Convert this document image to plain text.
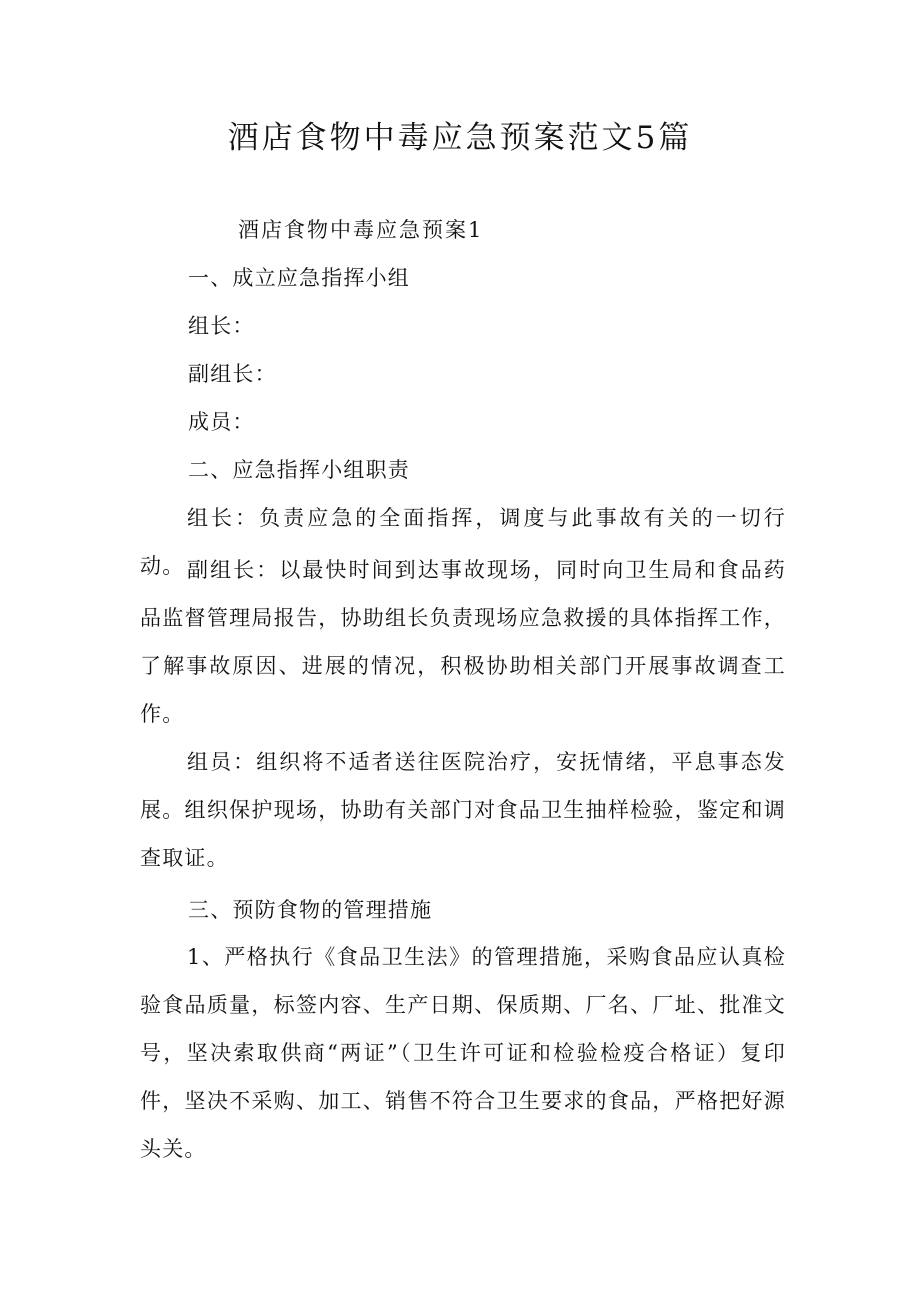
酒店食物中毒应急预案范文5篇
酒店食物中毒应急预案1
一、成立应急指挥小组
组长：
副组长：
成员：
二、应急指挥小组职责
组长：负责应急的全面指挥，调度与此事故有关的一切行动。 副组长：以最快时间到达事故现场，同时向卫生局和食品药品监督管理局报告，协助组长负责现场应急救援的具体指挥工作，了解事故原因、进展的情况，积极协助相关部门开展事故调查工作。
组员：组织将不适者送往医院治疗，安抚情绪，平息事态发展。组织保护现场，协助有关部门对食品卫生抽样检验，鉴定和调查取证。
三、预防食物的管理措施
1、严格执行《食品卫生法》的管理措施，采购食品应认真检验食品质量，标签内容、生产日期、保质期、厂名、厂址、批准文号，坚决索取供商“两证”（卫生许可证和检验检疫合格证）复印件，坚决不采购、加工、销售不符合卫生要求的食品，严格把好源头关。
